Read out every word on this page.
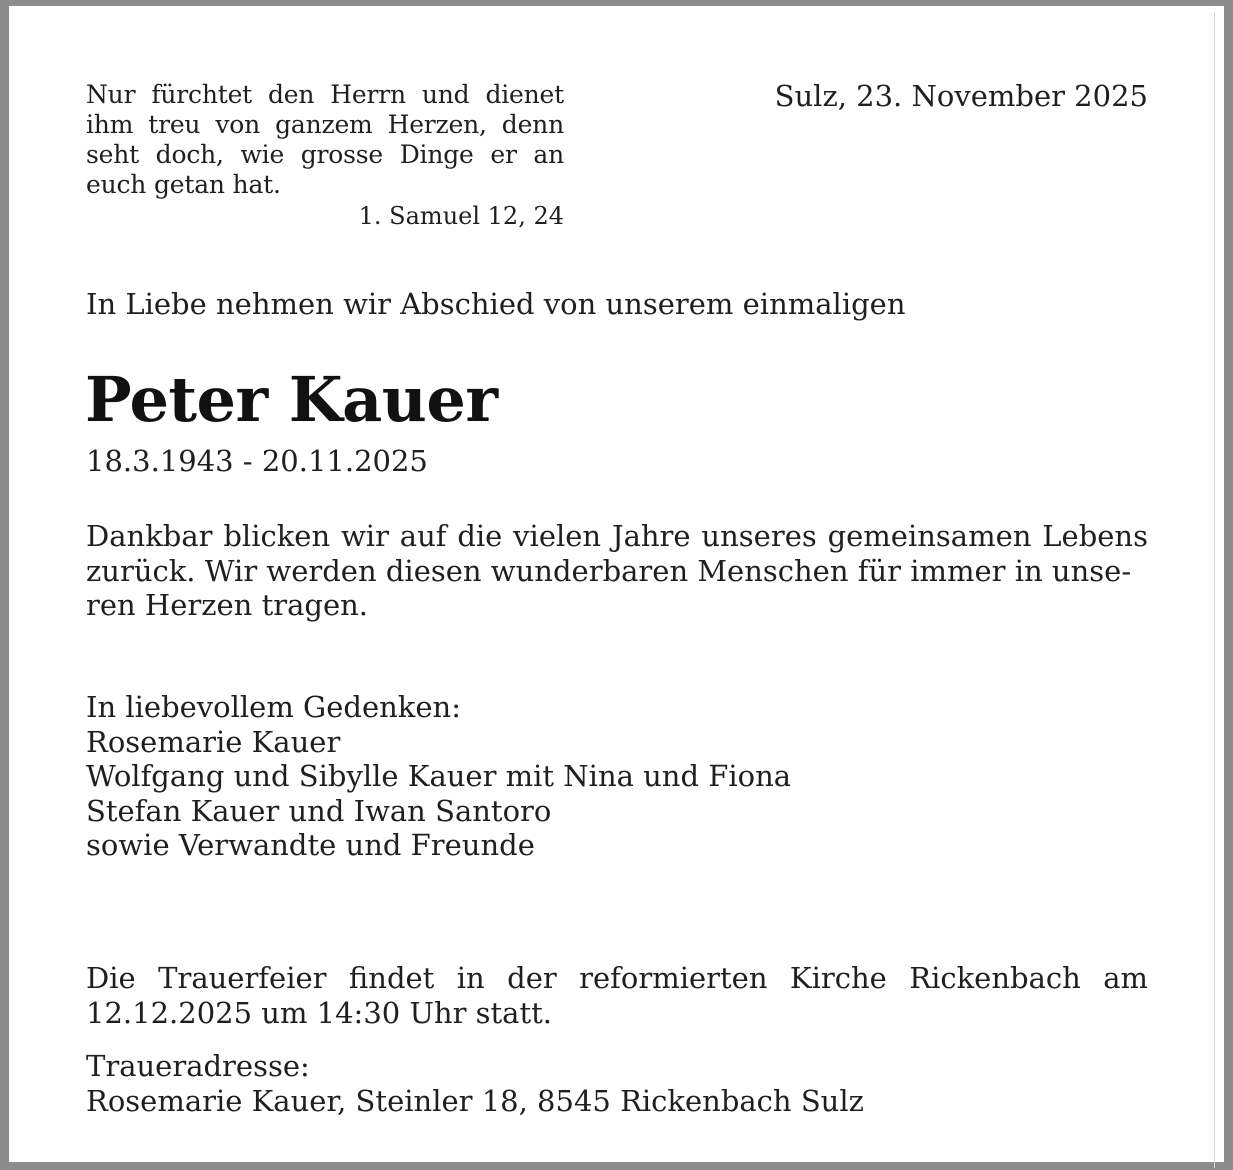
Nur fürchtet den Herrn und dienet ihm treu von ganzem Herzen, denn seht doch, wie grosse Dinge er an euch getan hat.
1. Samuel 12, 24
Sulz, 23. November 2025
In Liebe nehmen wir Abschied von unserem einmaligen
Peter Kauer
18.3.1943 - 20.11.2025
Dankbar blicken wir auf die vielen Jahre unseres gemeinsamen Lebens zurück. Wir werden diesen wunderbaren Menschen für immer in unse-
ren Herzen tragen.
In liebevollem Gedenken:
Rosemarie Kauer
Wolfgang und Sibylle Kauer mit Nina und Fiona
Stefan Kauer und Iwan Santoro
sowie Verwandte und Freunde
Die Trauerfeier findet in der reformierten Kirche Rickenbach am 12.12.2025 um 14:30 Uhr statt.
Traueradresse:
Rosemarie Kauer, Steinler 18, 8545 Rickenbach Sulz
